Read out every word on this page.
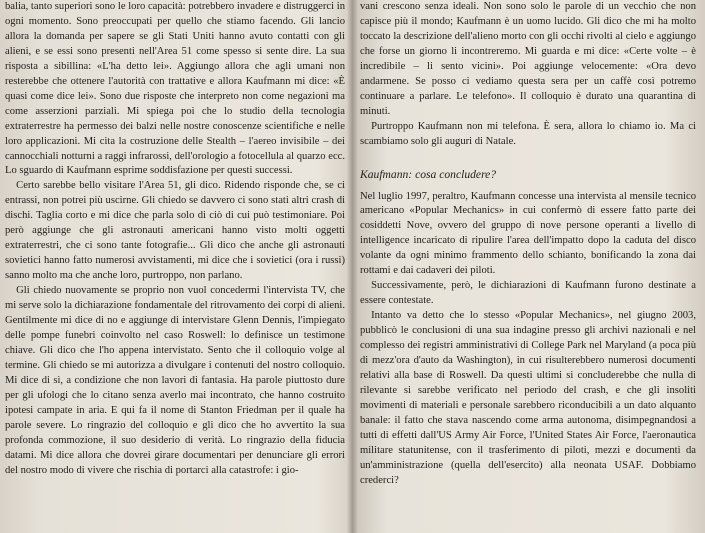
balia, tanto superiori sono le loro capacità: potrebbero invadere e distruggerci in ogni momento. Sono preoccupati per quello che stiamo facendo. Gli lancio allora la domanda per sapere se gli Stati Uniti hanno avuto contatti con gli alieni, e se essi sono presenti nell'Area 51 come spesso si sente dire. La sua risposta a sibillina: «L'ha detto lei». Aggiungo allora che agli umani non resterebbe che ottenere l'autorità con trattative e allora Kaufmann mi dice: «È quasi come dice lei». Sono due risposte che interpreto non come negazioni ma come asserzioni parziali. Mi spiega poi che lo studio della tecnologia extraterrestre ha permesso dei balzi nelle nostre conoscenze scientifiche e nelle loro applicazioni. Mi cita la costruzione delle Stealth – l'aereo invisibile – dei cannocchiali notturni a raggi infrarossi, dell'orologio a fotocellula al quarzo ecc. Lo sguardo di Kaufmann esprime soddisfazione per questi successi.

Certo sarebbe bello visitare l'Area 51, gli dico. Ridendo risponde che, se ci entrassi, non potrei più uscirne. Gli chiedo se davvero ci sono stati altri crash di dischi. Taglia corto e mi dice che parla solo di ciò di cui può testimoniare. Poi però aggiunge che gli astronauti americani hanno visto molti oggetti extraterrestri, che ci sono tante fotografie... Gli dico che anche gli astronauti sovietici hanno fatto numerosi avvistamenti, mi dice che i sovietici (ora i russi) sanno molto ma che anche loro, purtroppo, non parlano.

Gli chiedo nuovamente se proprio non vuol concedermi l'intervista TV, che mi serve solo la dichiarazione fondamentale del ritrovamento dei corpi di alieni. Gentilmente mi dice di no e aggiunge di intervistare Glenn Dennis, l'impiegato delle pompe funebri coinvolto nel caso Roswell: lo definisce un testimone chiave. Gli dico che l'ho appena intervistato. Sento che il colloquio volge al termine. Gli chiedo se mi autorizza a divulgare i contenuti del nostro colloquio. Mi dice di sì, a condizione che non lavori di fantasia. Ha parole piuttosto dure per gli ufologi che lo citano senza averlo mai incontrato, che hanno costruito ipotesi campate in aria. E qui fa il nome di Stanton Friedman per il quale ha parole severe. Lo ringrazio del colloquio e gli dico che ho avvertito la sua profonda commozione, il suo desiderio di verità. Lo ringrazio della fiducia datami. Mi dice allora che dovrei girare documentari per denunciare gli errori del nostro modo di vivere che rischia di portarci alla catastrofe: i gio-

vani crescono senza ideali. Non sono solo le parole di un vecchio che non capisce più il mondo; Kaufmann è un uomo lucido. Gli dico che mi ha molto toccato la descrizione dell'alieno morto con gli occhi rivolti al cielo e aggiungo che forse un giorno li incontreremo. Mi guarda e mi dice: «Certe volte – è incredibile – li sento vicini». Poi aggiunge velocemente: «Ora devo andarmene. Se posso ci vediamo questa sera per un caffè così potremo continuare a parlare. Le telefono». Il colloquio è durato una quarantina di minuti.

Purtroppo Kaufmann non mi telefona. È sera, allora lo chiamo io. Ma ci scambiamo solo gli auguri di Natale.

Kaufmann: cosa concludere?

Nel luglio 1997, peraltro, Kaufmann concesse una intervista al mensile tecnico americano «Popular Mechanics» in cui confermò di essere fatto parte dei cosiddetti Nove, ovvero del gruppo di nove persone operanti a livello di intelligence incaricato di ripulire l'area dell'impatto dopo la caduta del disco volante da ogni minimo frammento dello schianto, bonificando la zona dai rottami e dai cadaveri dei piloti.

Successivamente, però, le dichiarazioni di Kaufmann furono destinate a essere contestate.

Intanto va detto che lo stesso «Popular Mechanics», nel giugno 2003, pubblicò le conclusioni di una sua indagine presso gli archivi nazionali e nel complesso dei registri amministrativi di College Park nel Maryland (a poca più di mezz'ora d'auto da Washington), in cui risulterebbero numerosi documenti relativi alla base di Roswell. Da questi ultimi si concluderebbe che nulla di rilevante si sarebbe verificato nel periodo del crash, e che gli insoliti movimenti di materiali e personale sarebbero riconducibili a un dato alquanto banale: il fatto che stava nascendo come arma autonoma, disimpegnandosi a tutti di effetti dall'US Army Air Force, l'United States Air Force, l'aeronautica militare statunitense, con il trasferimento di piloti, mezzi e documenti da un'amministrazione (quella dell'esercito) alla neonata USAF. Dobbiamo crederci?
